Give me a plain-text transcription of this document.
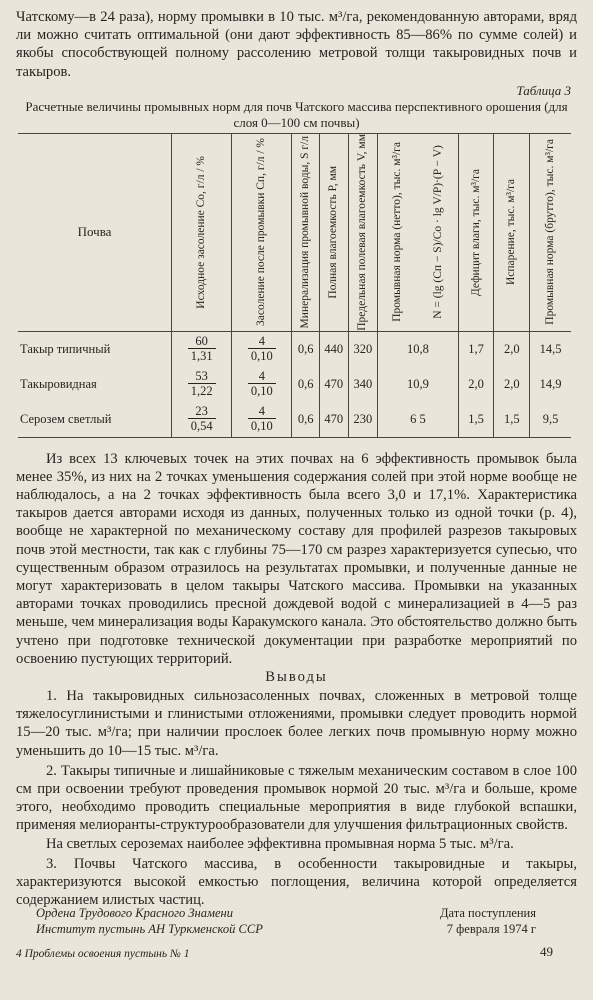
Чатскому—в 24 раза), норму промывки в 10 тыс. м³/га, рекомендованную авторами, вряд ли можно считать оптимальной (они дают эффективность 85—86% по сумме солей) и якобы способствующей полному рассолению метровой толщи такыровидных почв и такыров.

Таблица 3
Расчетные величины промывных норм для почв Чатского массива перспективного орошения (для слоя 0—100 см почвы)
Почва	Исходное засоление Co, г/л / %	Засоление после промывки Cп, г/л / %	Минерализация промывной воды, S г/л	Полная влагоемкость P, мм	Предельная полевая влагоемкость V, мм	Промывная норма (нетто), тыс. м³/га N = (lg (Cп − S)/Co · lg V/P)·(P − V)	Дефицит влаги, тыс. м³/га	Испарение, тыс. м³/га	Промывная норма (брутто), тыс. м³/га

Такыр типичный	$\frac{60}{1,31}$	$\frac{4}{0,10}$	0,6	440	320	10,8	1,7	2,0	14,5
Такыровидная	$\frac{53}{1,22}$	$\frac{4}{0,10}$	0,6	470	340	10,9	2,0	2,0	14,9
Серозем светлый	$\frac{23}{0,54}$	$\frac{4}{0,10}$	0,6	470	230	6 5	1,5	1,5	9,5

Из всех 13 ключевых точек на этих почвах на 6 эффективность промывок была менее 35%, из них на 2 точках уменьшения содержания солей при этой норме вообще не наблюдалось, а на 2 точках эффективность была всего 3,0 и 17,1%. Характеристика такыров дается авторами исходя из данных, полученных только из одной точки (р. 4), вообще не характерной по механическому составу для профилей разрезов такыровых почв этой местности, так как с глубины 75—170 см разрез характеризуется супесью, что существенным образом отразилось на результатах промывки, и полученные данные не могут характеризовать в целом такыры Чатского массива. Промывки на указанных авторами точках проводились пресной дождевой водой с минерализацией в 4—5 раз меньше, чем минерализация воды Каракумского канала. Это обстоятельство должно быть учтено при подготовке технической документации при разработке мероприятий по освоению пустующих территорий.

Выводы

1. На такыровидных сильнозасоленных почвах, сложенных в метровой толще тяжелосуглинистыми и глинистыми отложениями, промывки следует проводить нормой 15—20 тыс. м³/га; при наличии прослоек более легких почв промывную норму можно уменьшить до 10—15 тыс. м³/га.

2. Такыры типичные и лишайниковые с тяжелым механическим составом в слое 100 см при освоении требуют проведения промывок нормой 20 тыс. м³/га и больше, кроме этого, необходимо проводить специальные мероприятия в виде глубокой вспашки, применяя мелиоранты-структурообразователи для улучшения фильтрационных свойств.

На светлых сероземах наиболее эффективна промывная норма 5 тыс. м³/га.

3. Почвы Чатского массива, в особенности такыровидные и такыры, характеризуются высокой емкостью поглощения, величина которой определяется содержанием илистых частиц.

Ордена Трудового Красного Знамени
Институт пустынь АН Туркменской ССР
Дата поступления
7 февраля 1974 г
4 Проблемы освоения пустынь № 1	49
